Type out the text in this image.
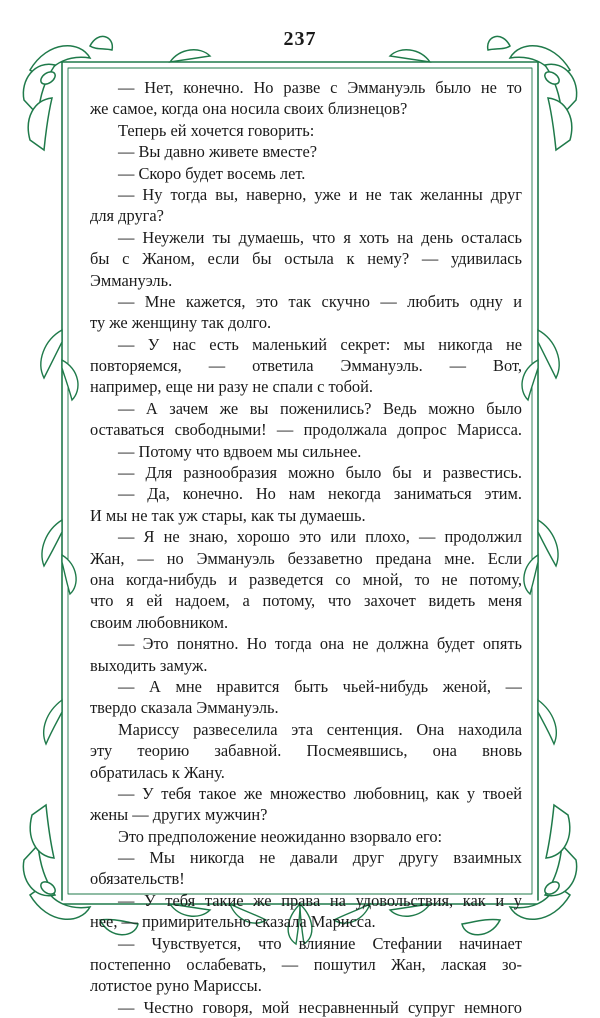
237
— Нет, конечно. Но разве с Эммануэль было не то
же самое, когда она носила своих близнецов?
Теперь ей хочется говорить:
— Вы давно живете вместе?
— Скоро будет восемь лет.
— Ну тогда вы, наверно, уже и не так желанны друг
для друга?
— Неужели ты думаешь, что я хоть на день осталась
бы с Жаном, если бы остыла к нему? — удивилась
Эммануэль.
— Мне кажется, это так скучно — любить одну и
ту же женщину так долго.
— У нас есть маленький секрет: мы никогда не
повторяемся, — ответила Эммануэль. — Вот,
например, еще ни разу не спали с тобой.
— А зачем же вы поженились? Ведь можно было
оставаться свободными! — продолжала допрос Марисса.
— Потому что вдвоем мы сильнее.
— Для разнообразия можно было бы и развестись.
— Да, конечно. Но нам некогда заниматься этим.
И мы не так уж стары, как ты думаешь.
— Я не знаю, хорошо это или плохо, — продолжил
Жан, — но Эммануэль беззаветно предана мне. Если
она когда-нибудь и разведется со мной, то не потому,
что я ей надоем, а потому, что захочет видеть меня
своим любовником.
— Это понятно. Но тогда она не должна будет опять
выходить замуж.
— А мне нравится быть чьей-нибудь женой, —
твердо сказала Эммануэль.
Мариссу развеселила эта сентенция. Она находила
эту теорию забавной. Посмеявшись, она вновь
обратилась к Жану.
— У тебя такое же множество любовниц, как у твоей
жены — других мужчин?
Это предположение неожиданно взорвало его:
— Мы никогда не давали друг другу взаимных
обязательств!
— У тебя такие же права на удовольствия, как и у
нее, — примирительно сказала Марисса.
— Чувствуется, что влияние Стефании начинает
постепенно ослабевать, — пошутил Жан, лаская зо-
лотистое руно Мариссы.
— Честно говоря, мой несравненный супруг немного
